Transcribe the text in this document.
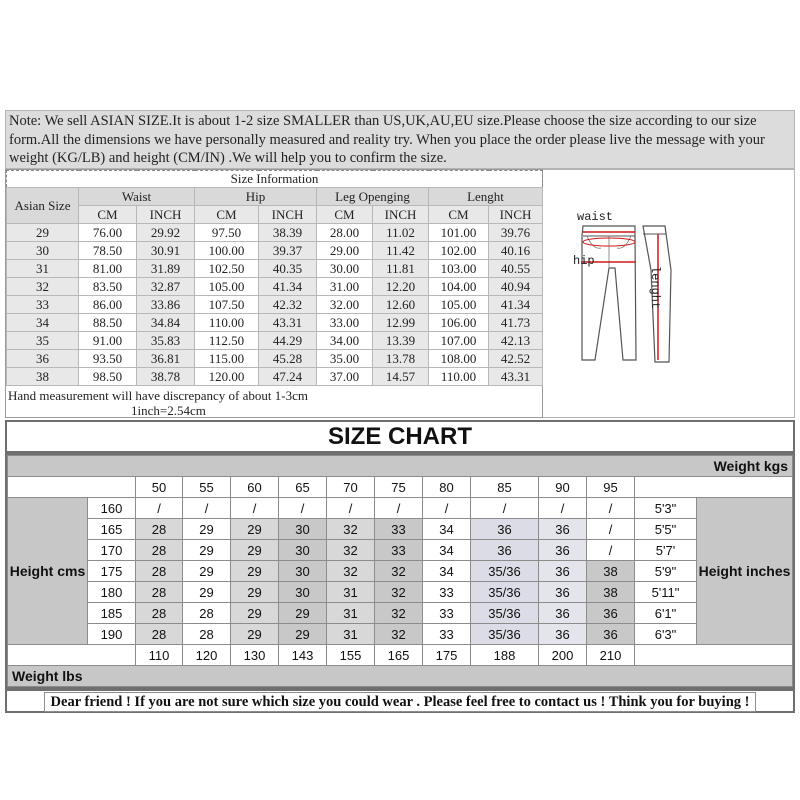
Note: We sell ASIAN SIZE.It is about 1-2 size SMALLER than US,UK,AU,EU size.Please choose the size according to our size form.All the dimensions we have personally measured and reality try. When you place the order please live the message with your weight (KG/LB) and height (CM/IN) .We will help you to confirm the size.
Size Information								
Asian Size	Waist		Hip		Leg Openging		Lenght	
	CM	INCH	CM	INCH	CM	INCH	CM	INCH
29	76.00	29.92	97.50	38.39	28.00	11.02	101.00	39.76
30	78.50	30.91	100.00	39.37	29.00	11.42	102.00	40.16
31	81.00	31.89	102.50	40.35	30.00	11.81	103.00	40.55
32	83.50	32.87	105.00	41.34	31.00	12.20	104.00	40.94
33	86.00	33.86	107.50	42.32	32.00	12.60	105.00	41.34
34	88.50	34.84	110.00	43.31	33.00	12.99	106.00	41.73
35	91.00	35.83	112.50	44.29	34.00	13.39	107.00	42.13
36	93.50	36.81	115.00	45.28	35.00	13.78	108.00	42.52
38	98.50	38.78	120.00	47.24	37.00	14.57	110.00	43.31
Hand measurement will have discrepancy of about 1-3cm
1inch=2.54cm
waist
hip
lenght
SIZE CHART
Weight kgs													
		50	55	60	65	70	75	80	85	90	95		
Height cms	160	/	/	/	/	/	/	/	/	/	/	5'3"	Height inches
	165	28	29	29	30	32	33	34	36	36	/	5'5"	
	170	28	29	29	30	32	33	34	36	36	/	5'7'	
	175	28	29	29	30	32	32	34	35/36	36	38	5'9"	
	180	28	29	29	30	31	32	33	35/36	36	38	5'11"	
	185	28	28	29	29	31	32	33	35/36	36	36	6'1"	
	190	28	28	29	29	31	32	33	35/36	36	36	6'3"	
		110	120	130	143	155	165	175	188	200	210		
Weight lbs													
Dear friend ! If you are not sure which size you could wear . Please feel free to contact us ! Think you for buying !
